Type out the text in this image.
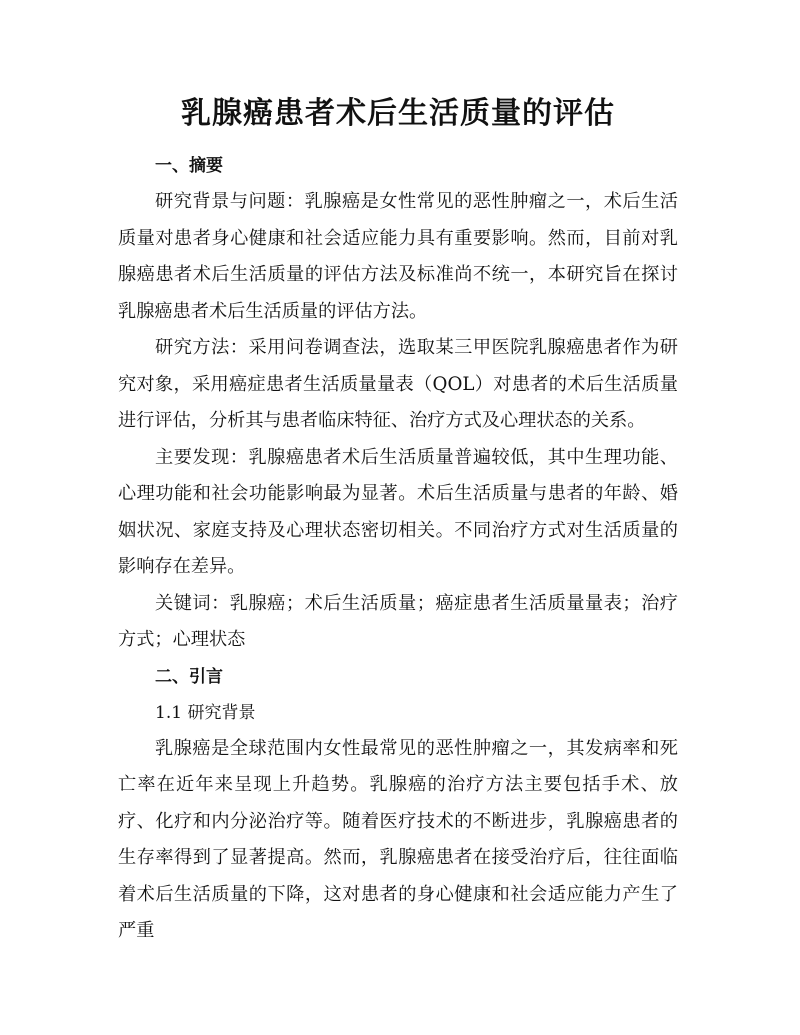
乳腺癌患者术后生活质量的评估
一、摘要

研究背景与问题：乳腺癌是女性常见的恶性肿瘤之一，术后生活质量对患者身心健康和社会适应能力具有重要影响。然而，目前对乳腺癌患者术后生活质量的评估方法及标准尚不统一，本研究旨在探讨乳腺癌患者术后生活质量的评估方法。

研究方法：采用问卷调查法，选取某三甲医院乳腺癌患者作为研究对象，采用癌症患者生活质量量表（QOL）对患者的术后生活质量进行评估，分析其与患者临床特征、治疗方式及心理状态的关系。

主要发现：乳腺癌患者术后生活质量普遍较低，其中生理功能、心理功能和社会功能影响最为显著。术后生活质量与患者的年龄、婚姻状况、家庭支持及心理状态密切相关。不同治疗方式对生活质量的影响存在差异。

关键词：乳腺癌；术后生活质量；癌症患者生活质量量表；治疗方式；心理状态

二、引言
1.1 研究背景

乳腺癌是全球范围内女性最常见的恶性肿瘤之一，其发病率和死亡率在近年来呈现上升趋势。乳腺癌的治疗方法主要包括手术、放疗、化疗和内分泌治疗等。随着医疗技术的不断进步，乳腺癌患者的生存率得到了显著提高。然而，乳腺癌患者在接受治疗后，往往面临着术后生活质量的下降，这对患者的身心健康和社会适应能力产生了严重
